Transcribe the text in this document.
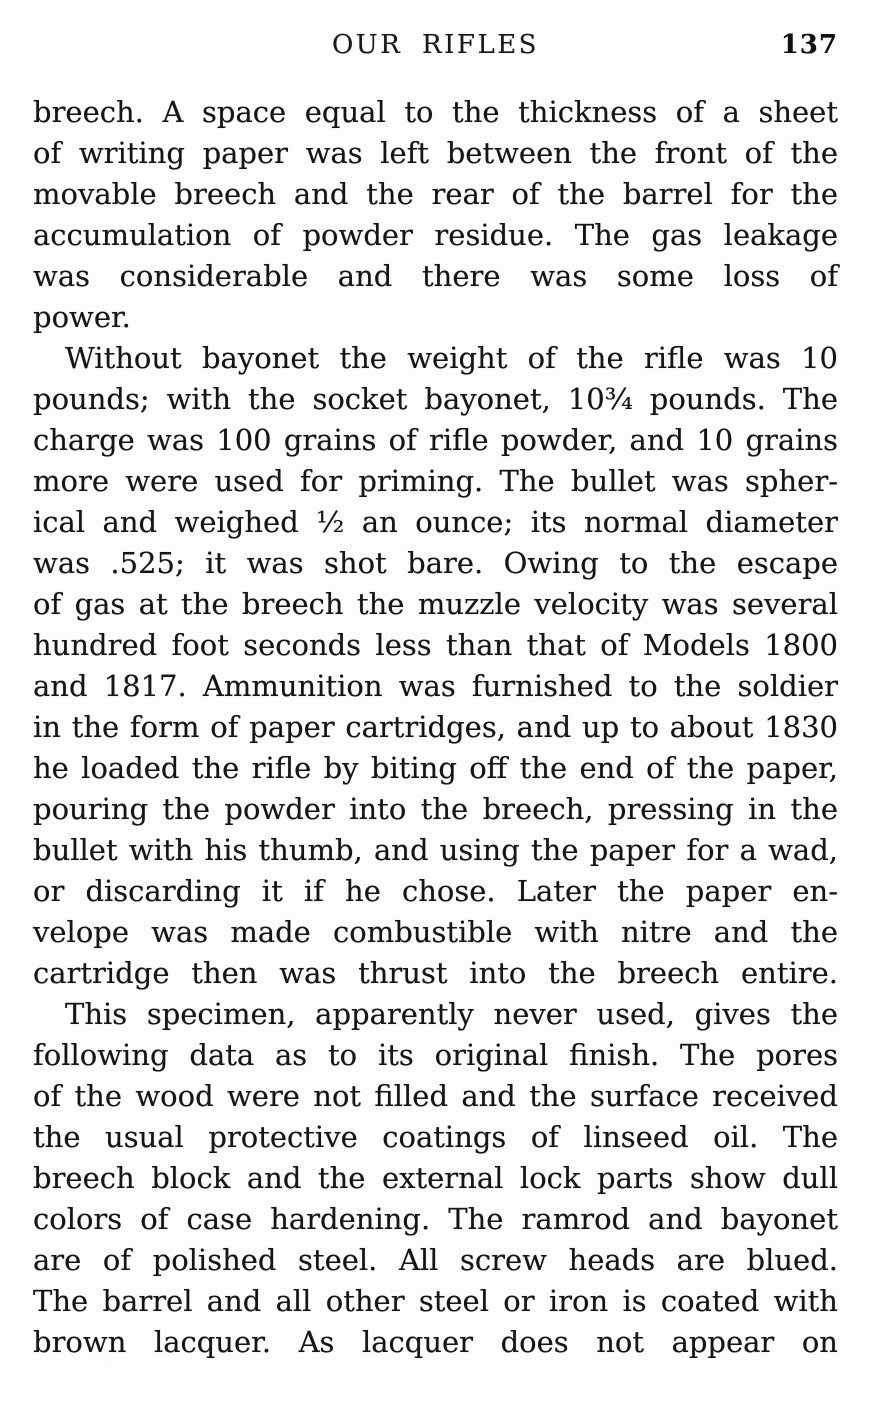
OUR RIFLES	137
breech. A space equal to the thickness of a sheet
of writing paper was left between the front of the
movable breech and the rear of the barrel for the
accumulation of powder residue. The gas leakage
was considerable and there was some loss of
power.
Without bayonet the weight of the rifle was 10
pounds; with the socket bayonet, 10¾ pounds. The
charge was 100 grains of rifle powder, and 10 grains
more were used for priming. The bullet was spher-
ical and weighed ½ an ounce; its normal diameter
was .525; it was shot bare. Owing to the escape
of gas at the breech the muzzle velocity was several
hundred foot seconds less than that of Models 1800
and 1817. Ammunition was furnished to the soldier
in the form of paper cartridges, and up to about 1830
he loaded the rifle by biting off the end of the paper,
pouring the powder into the breech, pressing in the
bullet with his thumb, and using the paper for a wad,
or discarding it if he chose. Later the paper en-
velope was made combustible with nitre and the
cartridge then was thrust into the breech entire.
This specimen, apparently never used, gives the
following data as to its original finish. The pores
of the wood were not filled and the surface received
the usual protective coatings of linseed oil. The
breech block and the external lock parts show dull
colors of case hardening. The ramrod and bayonet
are of polished steel. All screw heads are blued.
The barrel and all other steel or iron is coated with
brown lacquer. As lacquer does not appear on
